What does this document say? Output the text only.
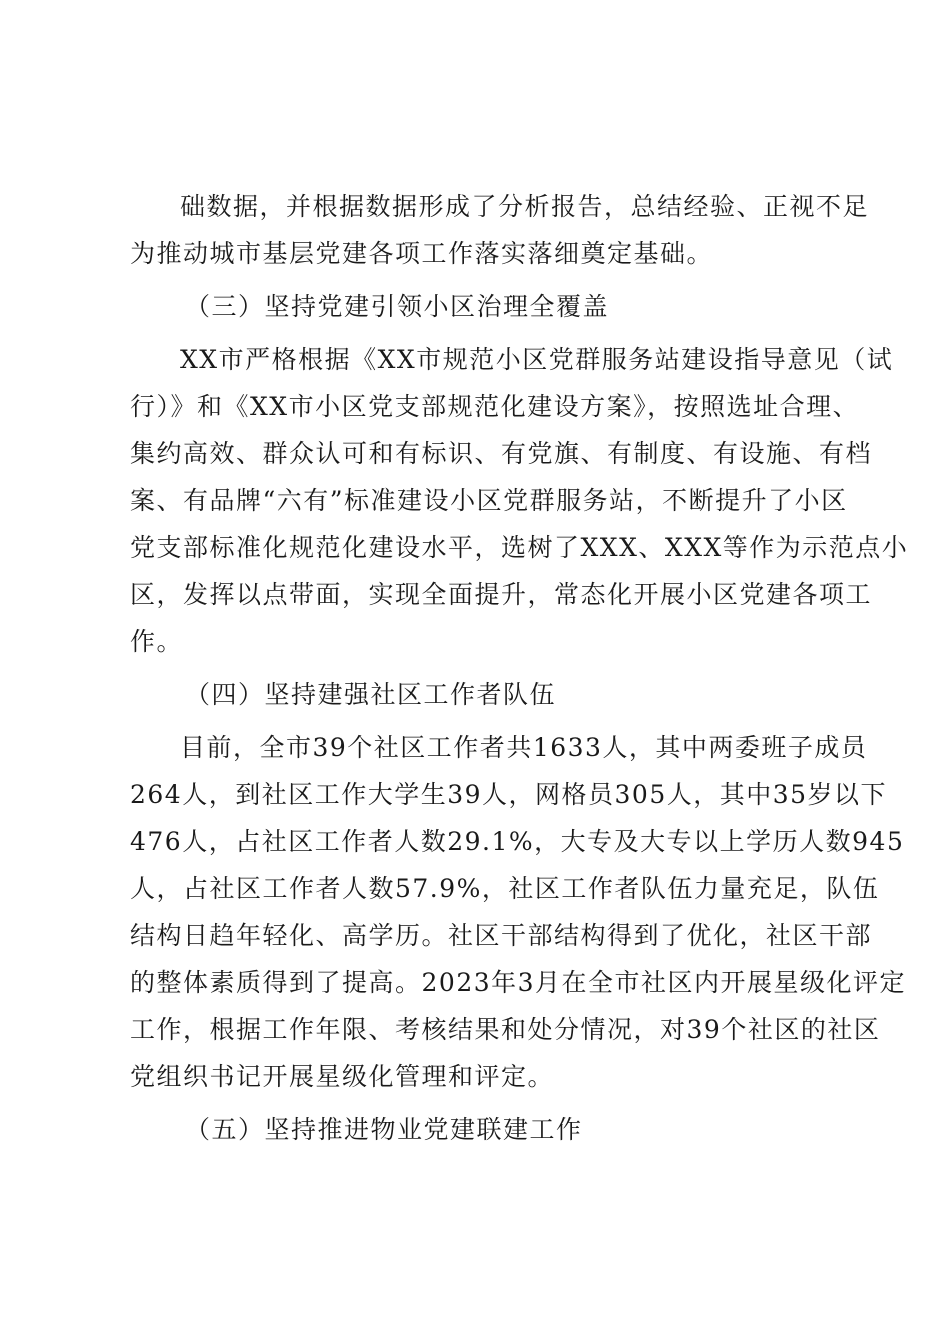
础数据，并根据数据形成了分析报告，总结经验、正视不足
为推动城市基层党建各项工作落实落细奠定基础。
（三）坚持党建引领小区治理全覆盖
XX市严格根据《XX市规范小区党群服务站建设指导意见（试
行）》和《XX市小区党支部规范化建设方案》，按照选址合理、
集约高效、群众认可和有标识、有党旗、有制度、有设施、有档
案、有品牌“六有”标准建设小区党群服务站，不断提升了小区
党支部标准化规范化建设水平，选树了XXX、XXX等作为示范点小
区，发挥以点带面，实现全面提升，常态化开展小区党建各项工
作。
（四）坚持建强社区工作者队伍
目前，全市39个社区工作者共1633人，其中两委班子成员
264人，到社区工作大学生39人，网格员305人，其中35岁以下
476人，占社区工作者人数29.1%，大专及大专以上学历人数945
人，占社区工作者人数57.9%，社区工作者队伍力量充足，队伍
结构日趋年轻化、高学历。社区干部结构得到了优化，社区干部
的整体素质得到了提高。2023年3月在全市社区内开展星级化评定
工作，根据工作年限、考核结果和处分情况，对39个社区的社区
党组织书记开展星级化管理和评定。
（五）坚持推进物业党建联建工作
